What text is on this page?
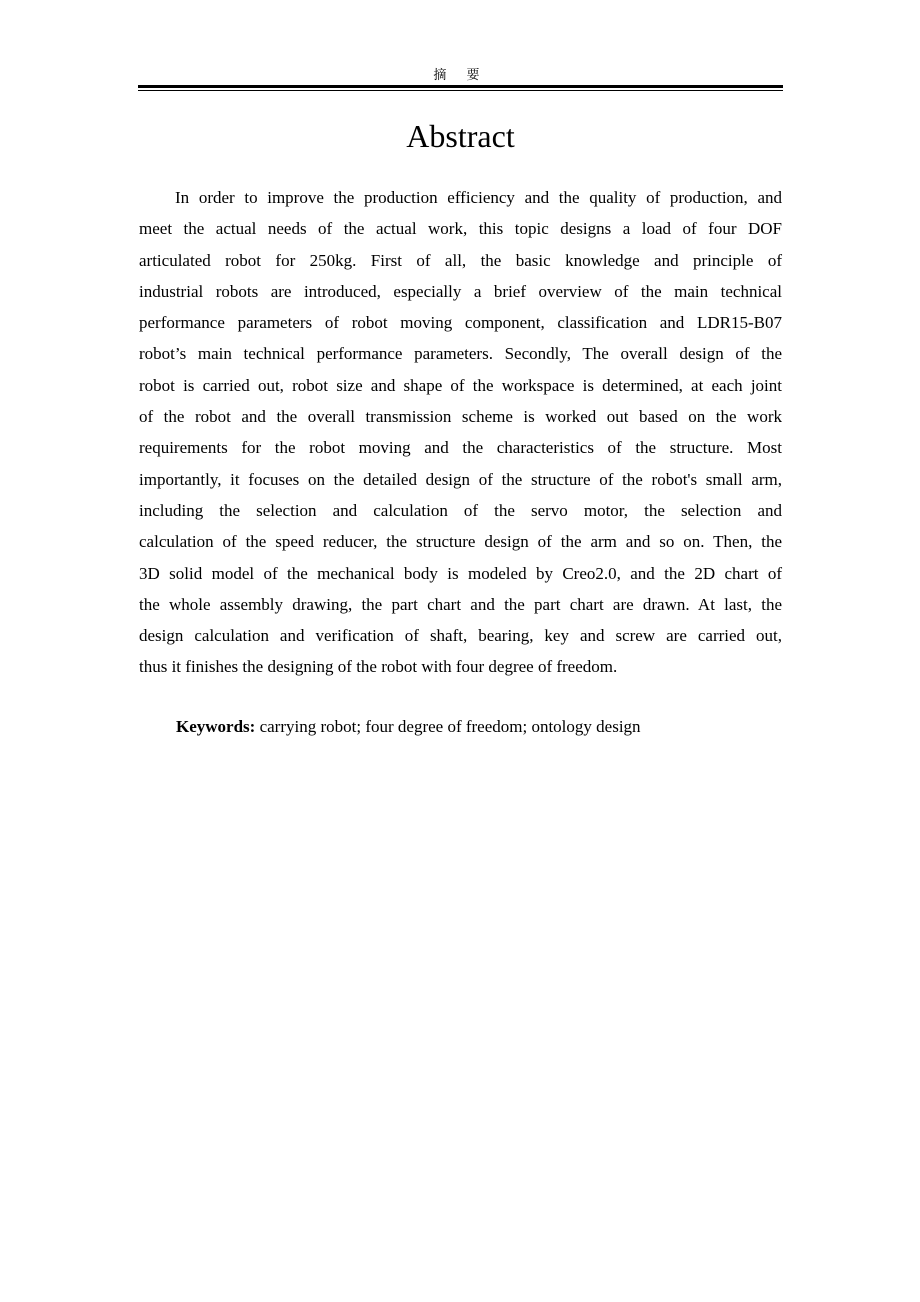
摘 要
Abstract
In order to improve the production efficiency and the quality of production, and
meet the actual needs of the actual work, this topic designs a load of four DOF
articulated robot for 250kg. First of all, the basic knowledge and principle of
industrial robots are introduced, especially a brief overview of the main technical
performance parameters of robot moving component, classification and LDR15-B07
robot’s main technical performance parameters. Secondly, The overall design of the
robot is carried out, robot size and shape of the workspace is determined, at each joint
of the robot and the overall transmission scheme is worked out based on the work
requirements for the robot moving and the characteristics of the structure. Most
importantly, it focuses on the detailed design of the structure of the robot's small arm,
including the selection and calculation of the servo motor, the selection and
calculation of the speed reducer, the structure design of the arm and so on. Then, the
3D solid model of the mechanical body is modeled by Creo2.0, and the 2D chart of
the whole assembly drawing, the part chart and the part chart are drawn. At last, the
design calculation and verification of shaft, bearing, key and screw are carried out,
thus it finishes the designing of the robot with four degree of freedom.
Keywords: carrying robot; four degree of freedom; ontology design
